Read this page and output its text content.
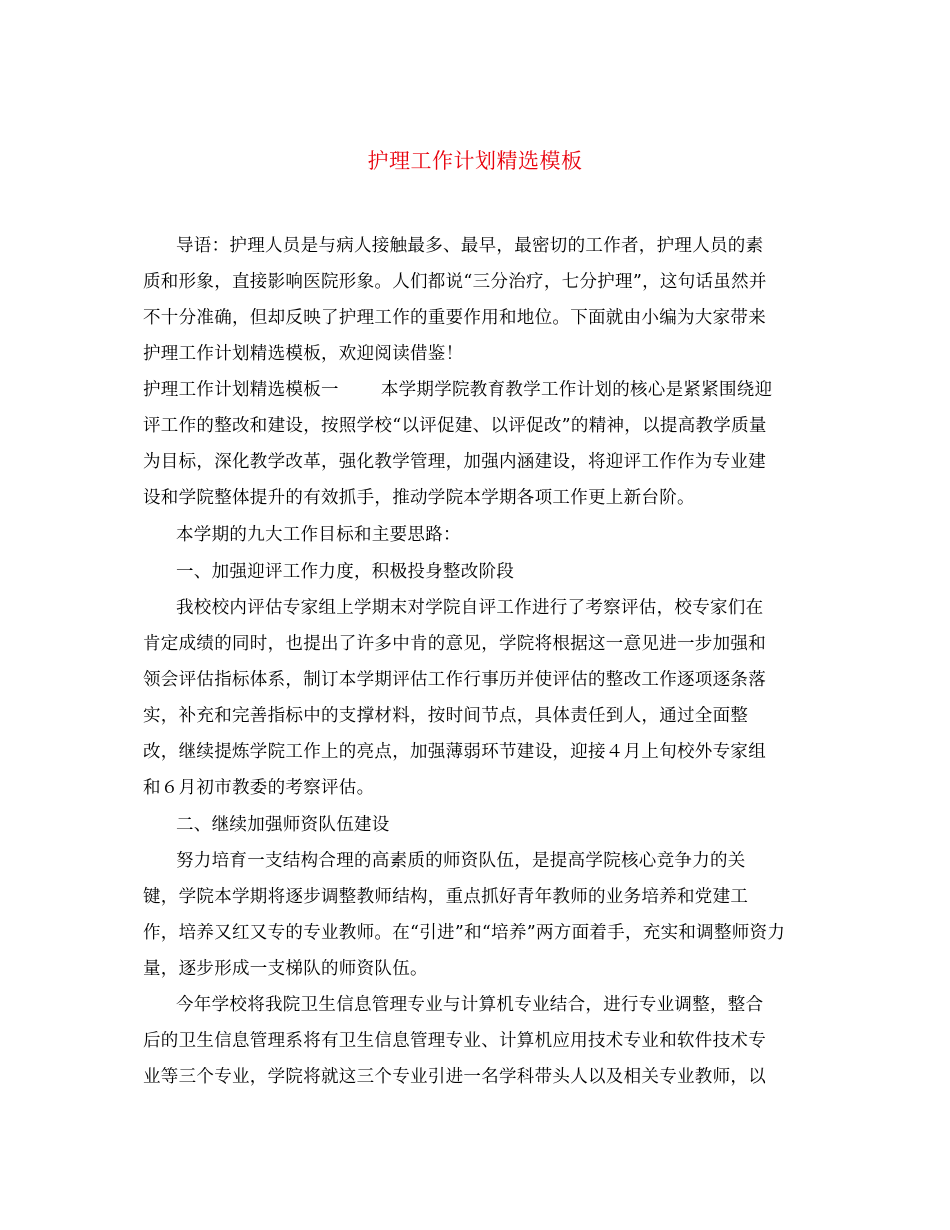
护理工作计划精选模板
导语：护理人员是与病人接触最多、最早，最密切的工作者，护理人员的素
质和形象，直接影响医院形象。人们都说“三分治疗，七分护理”，这句话虽然并
不十分准确，但却反映了护理工作的重要作用和地位。下面就由小编为大家带来
护理工作计划精选模板，欢迎阅读借鉴！
护理工作计划精选模板一 本学期学院教育教学工作计划的核心是紧紧围绕迎
评工作的整改和建设，按照学校“以评促建、以评促改”的精神，以提高教学质量
为目标，深化教学改革，强化教学管理，加强内涵建设，将迎评工作作为专业建
设和学院整体提升的有效抓手，推动学院本学期各项工作更上新台阶。
本学期的九大工作目标和主要思路：
一、加强迎评工作力度，积极投身整改阶段
我校校内评估专家组上学期末对学院自评工作进行了考察评估，校专家们在
肯定成绩的同时，也提出了许多中肯的意见，学院将根据这一意见进一步加强和
领会评估指标体系，制订本学期评估工作行事历并使评估的整改工作逐项逐条落
实，补充和完善指标中的支撑材料，按时间节点，具体责任到人，通过全面整
改，继续提炼学院工作上的亮点，加强薄弱环节建设，迎接４月上旬校外专家组
和６月初市教委的考察评估。
二、继续加强师资队伍建设
努力培育一支结构合理的高素质的师资队伍，是提高学院核心竞争力的关
键，学院本学期将逐步调整教师结构，重点抓好青年教师的业务培养和党建工
作，培养又红又专的专业教师。在“引进”和“培养”两方面着手，充实和调整师资力
量，逐步形成一支梯队的师资队伍。
今年学校将我院卫生信息管理专业与计算机专业结合，进行专业调整，整合
后的卫生信息管理系将有卫生信息管理专业、计算机应用技术专业和软件技术专
业等三个专业，学院将就这三个专业引进一名学科带头人以及相关专业教师，以
